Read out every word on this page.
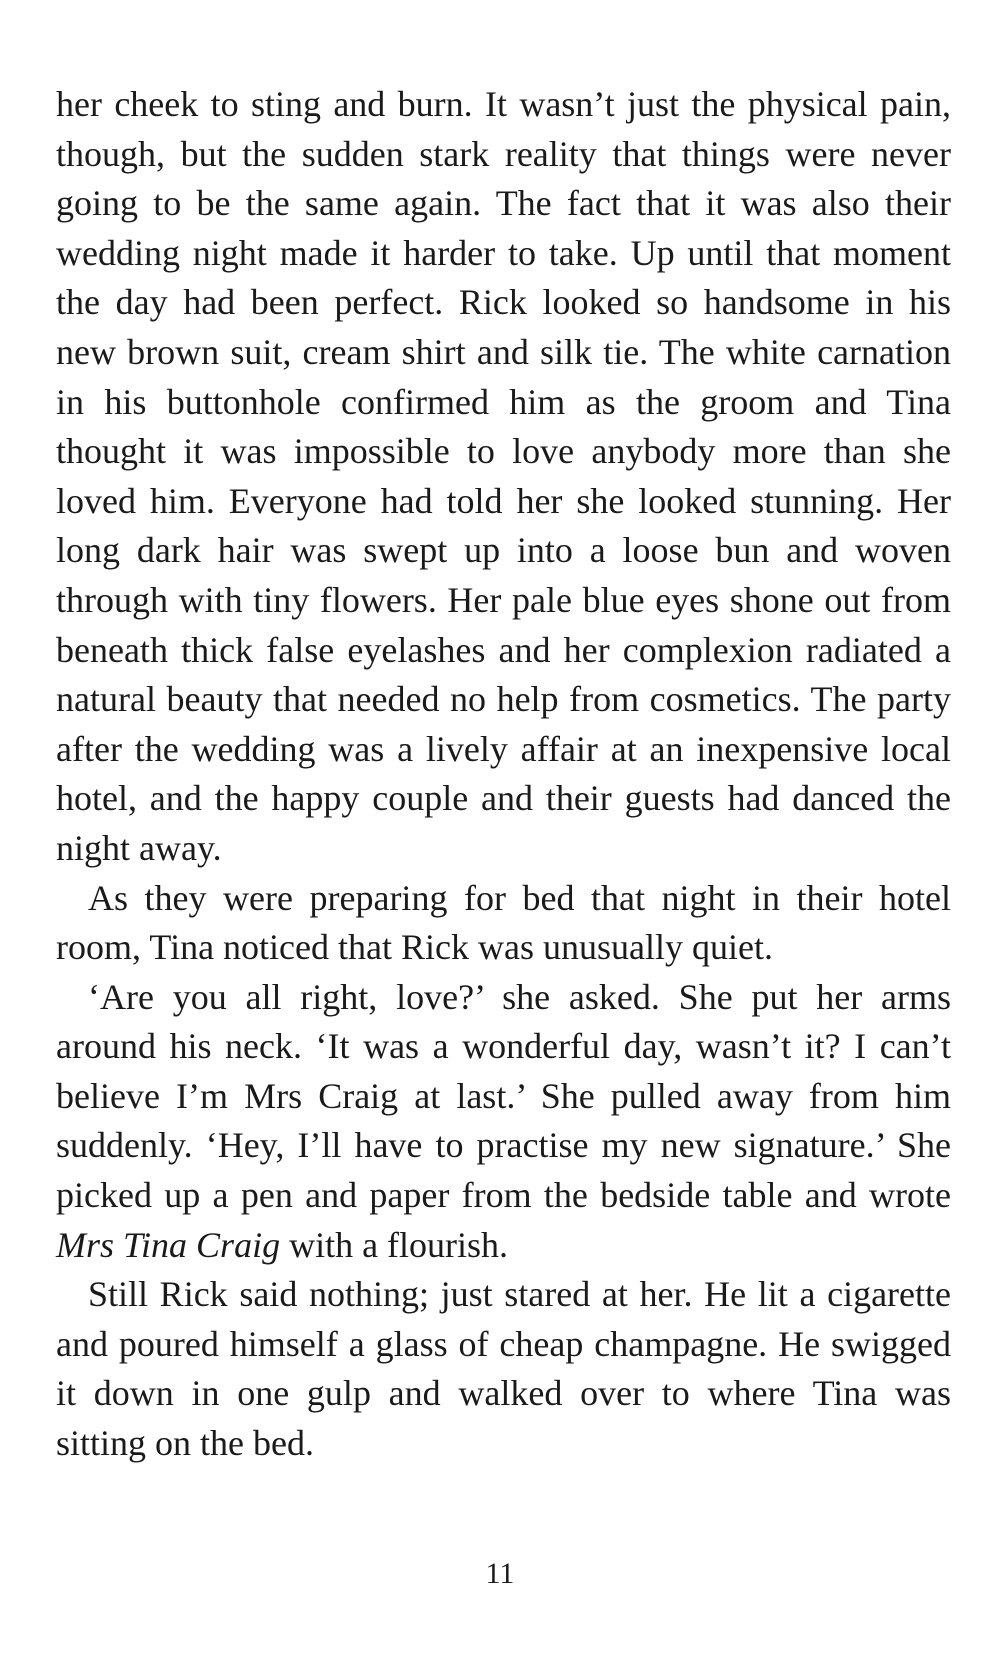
her cheek to sting and burn. It wasn’t just the physical pain, though, but the sudden stark reality that things were never going to be the same again. The fact that it was also their wedding night made it harder to take. Up until that moment the day had been perfect. Rick looked so handsome in his new brown suit, cream shirt and silk tie. The white carnation in his buttonhole confirmed him as the groom and Tina thought it was impossible to love anybody more than she loved him. Everyone had told her she looked stunning. Her long dark hair was swept up into a loose bun and woven through with tiny flowers. Her pale blue eyes shone out from beneath thick false eyelashes and her complexion radiated a natural beauty that needed no help from cosmetics. The party after the wedding was a lively affair at an inexpensive local hotel, and the happy couple and their guests had danced the night away.

As they were preparing for bed that night in their hotel room, Tina noticed that Rick was unusually quiet.

‘Are you all right, love?’ she asked. She put her arms around his neck. ‘It was a wonderful day, wasn’t it? I can’t believe I’m Mrs Craig at last.’ She pulled away from him suddenly. ‘Hey, I’ll have to practise my new signature.’ She picked up a pen and paper from the bedside table and wrote Mrs Tina Craig with a flourish.

Still Rick said nothing; just stared at her. He lit a cigarette and poured himself a glass of cheap champagne. He swigged it down in one gulp and walked over to where Tina was sitting on the bed.

11
